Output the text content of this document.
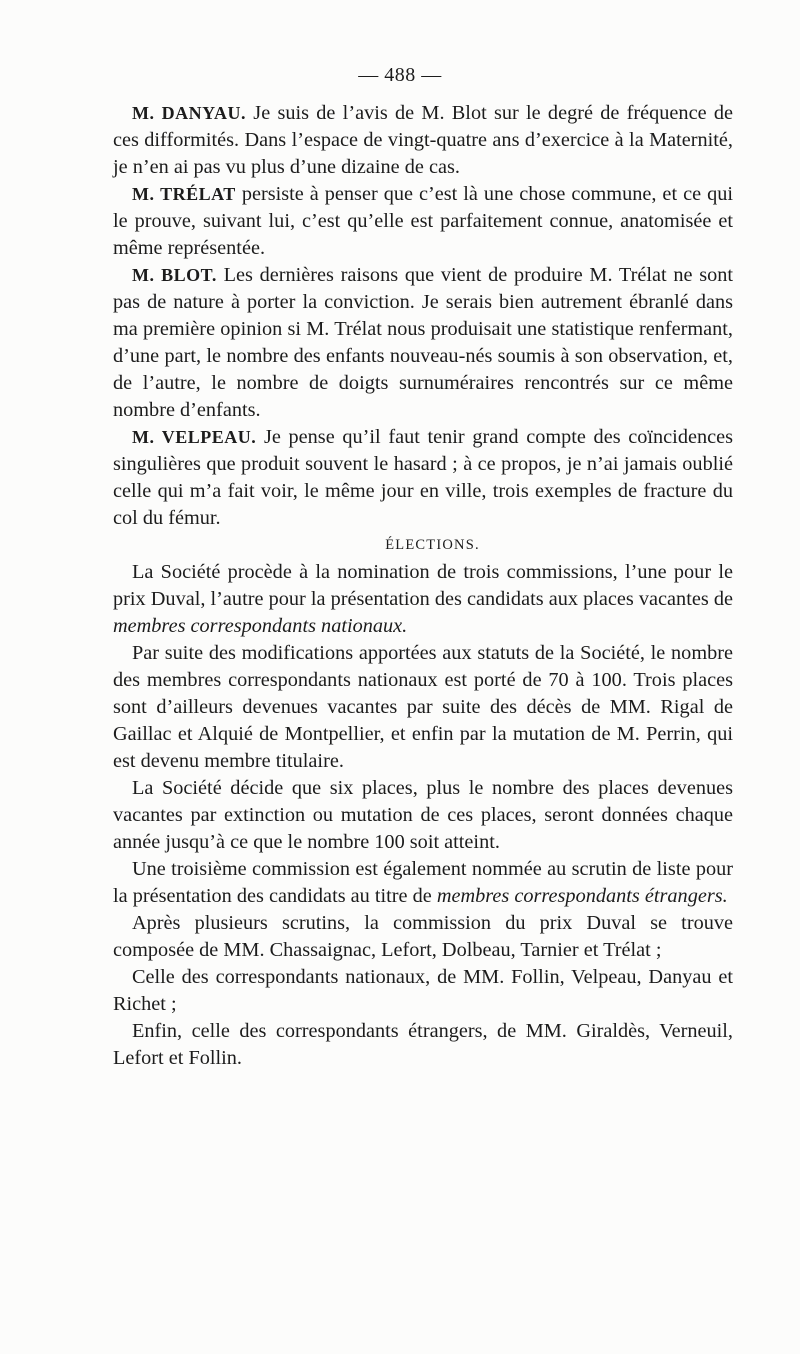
— 488 —

M. DANYAU. Je suis de l’avis de M. Blot sur le degré de fréquence de ces difformités. Dans l’espace de vingt-quatre ans d’exercice à la Maternité, je n’en ai pas vu plus d’une dizaine de cas.

M. TRÉLAT persiste à penser que c’est là une chose commune, et ce qui le prouve, suivant lui, c’est qu’elle est parfaitement connue, anatomisée et même représentée.

M. BLOT. Les dernières raisons que vient de produire M. Trélat ne sont pas de nature à porter la conviction. Je serais bien autrement ébranlé dans ma première opinion si M. Trélat nous produisait une statistique renfermant, d’une part, le nombre des enfants nouveau-nés soumis à son observation, et, de l’autre, le nombre de doigts surnuméraires rencontrés sur ce même nombre d’enfants.

M. VELPEAU. Je pense qu’il faut tenir grand compte des coïncidences singulières que produit souvent le hasard ; à ce propos, je n’ai jamais oublié celle qui m’a fait voir, le même jour en ville, trois exemples de fracture du col du fémur.

ÉLECTIONS.

La Société procède à la nomination de trois commissions, l’une pour le prix Duval, l’autre pour la présentation des candidats aux places vacantes de membres correspondants nationaux.

Par suite des modifications apportées aux statuts de la Société, le nombre des membres correspondants nationaux est porté de 70 à 100. Trois places sont d’ailleurs devenues vacantes par suite des décès de MM. Rigal de Gaillac et Alquié de Montpellier, et enfin par la mutation de M. Perrin, qui est devenu membre titulaire.

La Société décide que six places, plus le nombre des places devenues vacantes par extinction ou mutation de ces places, seront données chaque année jusqu’à ce que le nombre 100 soit atteint.

Une troisième commission est également nommée au scrutin de liste pour la présentation des candidats au titre de membres correspondants étrangers.

Après plusieurs scrutins, la commission du prix Duval se trouve composée de MM. Chassaignac, Lefort, Dolbeau, Tarnier et Trélat ;

Celle des correspondants nationaux, de MM. Follin, Velpeau, Danyau et Richet ;

Enfin, celle des correspondants étrangers, de MM. Giraldès, Verneuil, Lefort et Follin.
